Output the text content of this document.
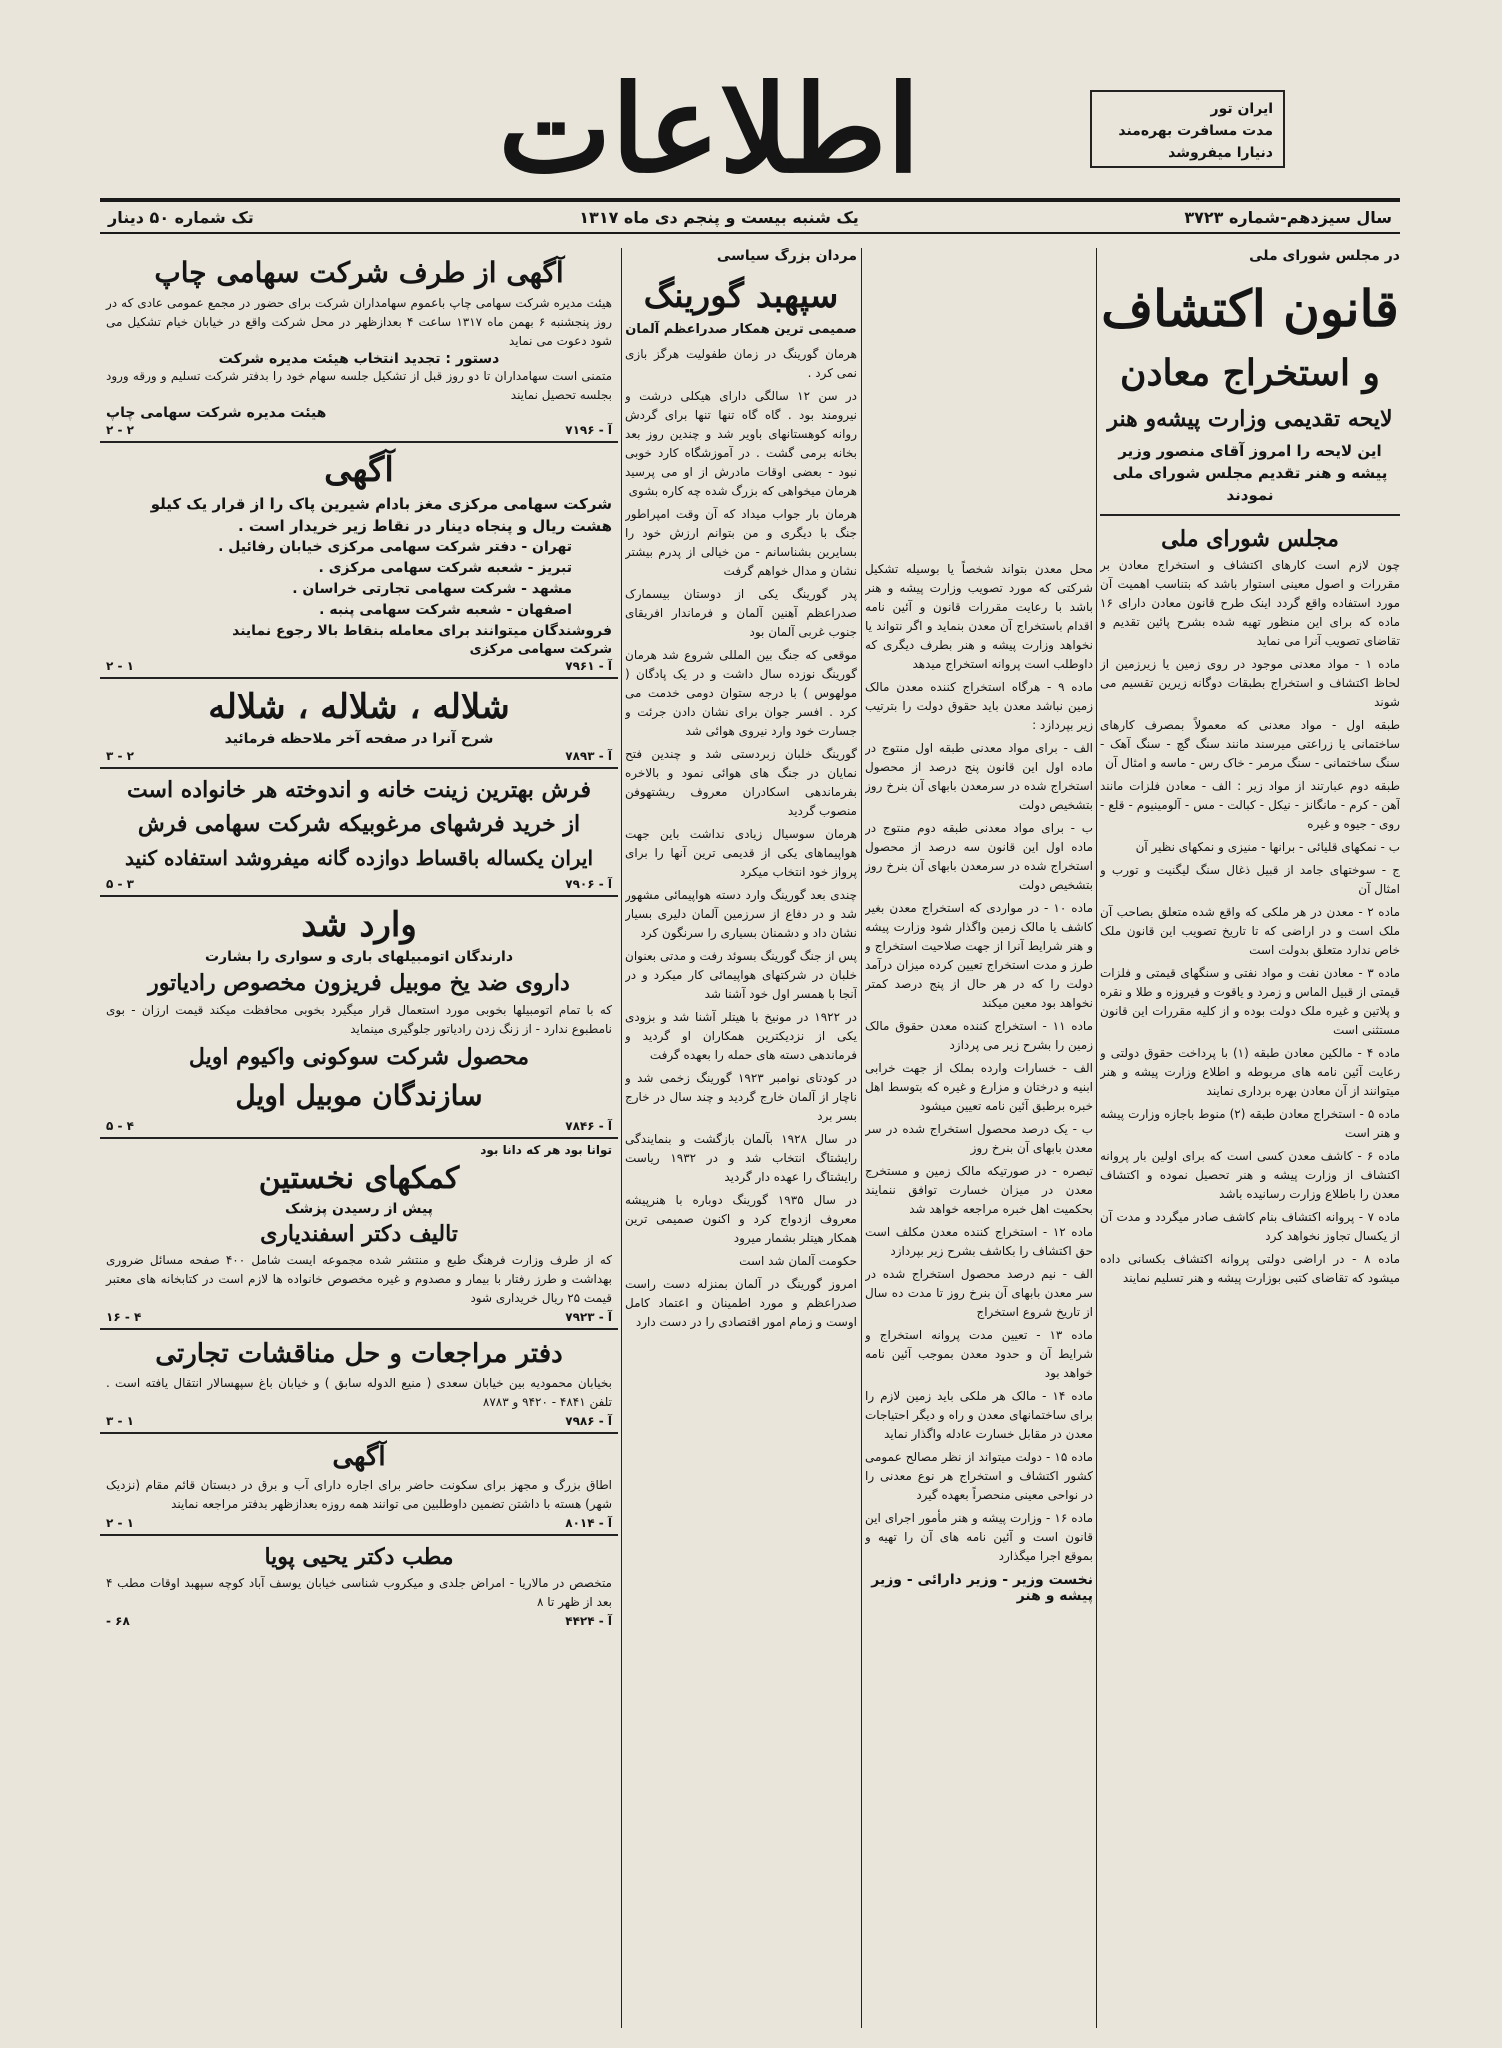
ایران تور
مدت مسافرت بهره‌مند
دنیارا میفروشد
اطلاعات
سال سیزدهم-شماره ۳۷۲۳
یک شنبه بیست و پنجم دی ماه ۱۳۱۷
تک شماره ۵۰ دینار
در مجلس شورای ملی
قانون اکتشاف
و استخراج معادن
لایحه تقدیمی وزارت پیشه‌و هنر
این لایحه را امروز آقای منصور وزیر پیشه و هنر تقدیم مجلس شورای ملی نمودند
مجلس شورای ملی

چون لازم است کارهای اکتشاف و استخراج معادن بر مقررات و اصول معینی استوار باشد که بتناسب اهمیت آن مورد استفاده واقع گردد اینک طرح قانون معادن دارای ۱۶ ماده که برای این منظور تهیه شده بشرح پائین تقدیم و تقاضای تصویب آنرا می نماید

ماده ۱ - مواد معدنی موجود در روی زمین یا زیرزمین از لحاظ اکتشاف و استخراج بطبقات دوگانه زیرین تقسیم می شوند

طبقه اول - مواد معدنی که معمولاً بمصرف کارهای ساختمانی یا زراعتی میرسند مانند سنگ گچ - سنگ آهک - سنگ ساختمانی - سنگ مرمر - خاک رس - ماسه و امثال آن

طبقه دوم عبارتند از مواد زیر : الف - معادن فلزات مانند آهن - کرم - مانگانز - نیکل - کبالت - مس - آلومینیوم - قلع - روی - جیوه و غیره

ب - نمکهای قلیائی - برانها - منیزی و نمکهای نظیر آن

ج - سوختهای جامد از قبیل ذغال سنگ لیگنیت و تورب و امثال آن

ماده ۲ - معدن در هر ملکی که واقع شده متعلق بصاحب آن ملک است و در اراضی که تا تاریخ تصویب این قانون ملک خاص ندارد متعلق بدولت است

ماده ۳ - معادن نفت و مواد نفتی و سنگهای قیمتی و فلزات قیمتی از قبیل الماس و زمرد و یاقوت و فیروزه و طلا و نقره و پلاتین و غیره ملک دولت بوده و از کلیه مقررات این قانون مستثنی است

ماده ۴ - مالکین معادن طبقه (۱) با پرداخت حقوق دولتی و رعایت آئین نامه های مربوطه و اطلاع وزارت پیشه و هنر میتوانند از آن معادن بهره برداری نمایند

ماده ۵ - استخراج معادن طبقه (۲) منوط باجازه وزارت پیشه و هنر است

ماده ۶ - کاشف معدن کسی است که برای اولین بار پروانه اکتشاف از وزارت پیشه و هنر تحصیل نموده و اکتشاف معدن را باطلاع وزارت رسانیده باشد

ماده ۷ - پروانه اکتشاف بنام کاشف صادر میگردد و مدت آن از یکسال تجاوز نخواهد کرد

ماده ۸ - در اراضی دولتی پروانه اکتشاف بکسانی داده میشود که تقاضای کتبی بوزارت پیشه و هنر تسلیم نمایند

محل معدن بتواند شخصاً یا بوسیله تشکیل شرکتی که مورد تصویب وزارت پیشه و هنر باشد با رعایت مقررات قانون و آئین نامه اقدام باستخراج آن معدن بنماید و اگر نتواند یا نخواهد وزارت پیشه و هنر بطرف دیگری که داوطلب است پروانه استخراج میدهد

ماده ۹ - هرگاه استخراج کننده معدن مالک زمین نباشد معدن باید حقوق دولت را بترتیب زیر بپردازد :

الف - برای مواد معدنی طبقه اول منتوج در ماده اول این قانون پنج درصد از محصول استخراج شده در سرمعدن بابهای آن بنرخ روز بتشخیص دولت

ب - برای مواد معدنی طبقه دوم منتوج در ماده اول این قانون سه درصد از محصول استخراج شده در سرمعدن بابهای آن بنرخ روز بتشخیص دولت

ماده ۱۰ - در مواردی که استخراج معدن بغیر کاشف یا مالک زمین واگذار شود وزارت پیشه و هنر شرایط آنرا از جهت صلاحیت استخراج و طرز و مدت استخراج تعیین کرده میزان درآمد دولت را که در هر حال از پنج درصد کمتر نخواهد بود معین میکند

ماده ۱۱ - استخراج کننده معدن حقوق مالک زمین را بشرح زیر می پردازد

الف - خسارات وارده بملک از جهت خرابی ابنیه و درختان و مزارع و غیره که بتوسط اهل خبره برطبق آئین نامه تعیین میشود

ب - یک درصد محصول استخراج شده در سر معدن بابهای آن بنرخ روز

تبصره - در صورتیکه مالک زمین و مستخرج معدن در میزان خسارت توافق ننمایند بحکمیت اهل خبره مراجعه خواهد شد

ماده ۱۲ - استخراج کننده معدن مکلف است حق اکتشاف را بکاشف بشرح زیر بپردازد

الف - نیم درصد محصول استخراج شده در سر معدن بابهای آن بنرخ روز تا مدت ده سال از تاریخ شروع استخراج

ماده ۱۳ - تعیین مدت پروانه استخراج و شرایط آن و حدود معدن بموجب آئین نامه خواهد بود

ماده ۱۴ - مالک هر ملکی باید زمین لازم را برای ساختمانهای معدن و راه و دیگر احتیاجات معدن در مقابل خسارت عادله واگذار نماید

ماده ۱۵ - دولت میتواند از نظر مصالح عمومی کشور اکتشاف و استخراج هر نوع معدنی را در نواحی معینی منحصراً بعهده گیرد

ماده ۱۶ - وزارت پیشه و هنر مأمور اجرای این قانون است و آئین نامه های آن را تهیه و بموقع اجرا میگذارد

نخست وزیر - وزیر دارائی - وزیر پیشه و هنر
مردان بزرگ سیاسی
سپهبد گورینگ
صمیمی ترین همکار صدراعظم آلمان

هرمان گورینگ در زمان طفولیت هرگز بازی نمی کرد .

در سن ۱۲ سالگی دارای هیکلی درشت و نیرومند بود . گاه گاه تنها تنها برای گردش روانه کوهستانهای باویر شد و چندین روز بعد بخانه برمی گشت . در آموزشگاه کارد خوبی نبود - بعضی اوقات مادرش از او می پرسید هرمان میخواهی که بزرگ شده چه کاره بشوی

هرمان بار جواب میداد که آن وقت امپراطور جنگ با دیگری و من بتوانم ارزش خود را بسایرین بشناسانم - من خیالی از پدرم بیشتر نشان و مدال خواهم گرفت

پدر گورینگ یکی از دوستان بیسمارک صدراعظم آهنین آلمان و فرماندار افریقای جنوب غربی آلمان بود

موقعی که جنگ بین المللی شروع شد هرمان گورینگ نوزده سال داشت و در یک پادگان ( مولهوس ) با درجه ستوان دومی خدمت می کرد . افسر جوان برای نشان دادن جرئت و جسارت خود وارد نیروی هوائی شد

گورینگ خلبان زبردستی شد و چندین فتح نمایان در جنگ های هوائی نمود و بالاخره بفرماندهی اسکادران معروف ریشتهوفن منصوب گردید

هرمان سوسیال زیادی نداشت باین جهت هواپیماهای یکی از قدیمی ترین آنها را برای پرواز خود انتخاب میکرد

چندی بعد گورینگ وارد دسته هواپیمائی مشهور شد و در دفاع از سرزمین آلمان دلیری بسیار نشان داد و دشمنان بسیاری را سرنگون کرد

پس از جنگ گورینگ بسوئد رفت و مدتی بعنوان خلبان در شرکتهای هواپیمائی کار میکرد و در آنجا با همسر اول خود آشنا شد

در ۱۹۲۲ در مونیخ با هیتلر آشنا شد و بزودی یکی از نزدیکترین همکاران او گردید و فرماندهی دسته های حمله را بعهده گرفت

در کودتای نوامبر ۱۹۲۳ گورینگ زخمی شد و ناچار از آلمان خارج گردید و چند سال در خارج بسر برد

در سال ۱۹۲۸ بآلمان بازگشت و بنمایندگی رایشتاگ انتخاب شد و در ۱۹۳۲ ریاست رایشتاگ را عهده دار گردید

در سال ۱۹۳۵ گورینگ دوباره با هنرپیشه معروف ازدواج کرد و اکنون صمیمی ترین همکار هیتلر بشمار میرود

حکومت آلمان شد است

امروز گورینگ در آلمان بمنزله دست راست صدراعظم و مورد اطمینان و اعتماد کامل اوست و زمام امور اقتصادی را در دست دارد

آگهی از طرف شرکت سهامی چاپ
هیئت مدیره شرکت سهامی چاپ باعموم سهامداران شرکت برای حضور در مجمع عمومی عادی که در روز پنجشنبه ۶ بهمن ماه ۱۳۱۷ ساعت ۴ بعدازظهر در محل شرکت واقع در خیابان خیام تشکیل می شود دعوت می نماید
دستور : تجدید انتخاب هیئت مدیره شرکت
متمنی است سهامداران تا دو روز قبل از تشکیل جلسه سهام خود را بدفتر شرکت تسلیم و ورقه ورود بجلسه تحصیل نمایند
هیئت مدیره شرکت سهامی چاپ
آ - ۷۱۹۶
۲ - ۲
آگهی
شرکت سهامی مرکزی مغز بادام شیرین پاک را از قرار یک کیلو هشت ریال و پنجاه دینار در نقاط زیر خریدار است .
تهران - دفتر شرکت سهامی مرکزی خیابان رفائیل .
تبریز - شعبه شرکت سهامی مرکزی .
مشهد - شرکت سهامی تجارتی خراسان .
اصفهان - شعبه شرکت سهامی پنبه .
فروشندگان میتوانند برای معامله بنقاط بالا رجوع نمایند
شرکت سهامی مرکزی
آ - ۷۹۶۱
۱ - ۲
شلاله ، شلاله ، شلاله
شرح آنرا در صفحه آخر ملاحظه فرمائید
آ - ۷۸۹۳
۲ - ۳
فرش بهترین زینت خانه و اندوخته هر خانواده است
از خرید فرشهای مرغوبیکه شرکت سهامی فرش
ایران یکساله باقساط دوازده گانه میفروشد استفاده کنید
آ - ۷۹۰۶
۳ - ۵
وارد شد
دارندگان اتومبیلهای باری و سواری را بشارت
داروی ضد یخ موبیل فریزون مخصوص رادیاتور
که با تمام اتومبیلها بخوبی مورد استعمال قرار میگیرد بخوبی محافظت میکند قیمت ارزان - بوی نامطبوع ندارد - از زنگ زدن رادیاتور جلوگیری مینماید
محصول شرکت سوکونی واکیوم اویل
سازندگان موبیل اویل
آ - ۷۸۴۶
۴ - ۵
توانا بود هر که دانا بود
کمکهای نخستین
پیش از رسیدن پزشک
تالیف دکتر اسفندیاری
که از طرف وزارت فرهنگ طبع و منتشر شده مجموعه ایست شامل ۴۰۰ صفحه مسائل ضروری بهداشت و طرز رفتار با بیمار و مصدوم و غیره مخصوص خانواده ها لازم است در کتابخانه های معتبر قیمت ۲۵ ریال خریداری شود
آ - ۷۹۲۳
۴ - ۱۶
دفتر مراجعات و حل مناقشات تجارتی
بخیابان محمودیه بین خیابان سعدی ( منیع الدوله سابق ) و خیابان باغ سپهسالار انتقال یافته است . تلفن ۴۸۴۱ - ۹۴۲۰ و ۸۷۸۳
آ - ۷۹۸۶
۱ - ۳
آگهی
اطاق بزرگ و مجهز برای سکونت حاضر برای اجاره دارای آب و برق در دبستان قائم مقام (نزدیک شهر) هسته با داشتن تضمین داوطلبین می توانند همه روزه بعدازظهر بدفتر مراجعه نمایند
آ - ۸۰۱۴
۱ - ۲
مطب دکتر یحیی پویا
متخصص در مالاریا - امراض جلدی و میکروب شناسی خیابان یوسف آباد کوچه سپهبد اوقات مطب ۴ بعد از ظهر تا ۸
آ - ۴۴۲۴
۶۸ -
